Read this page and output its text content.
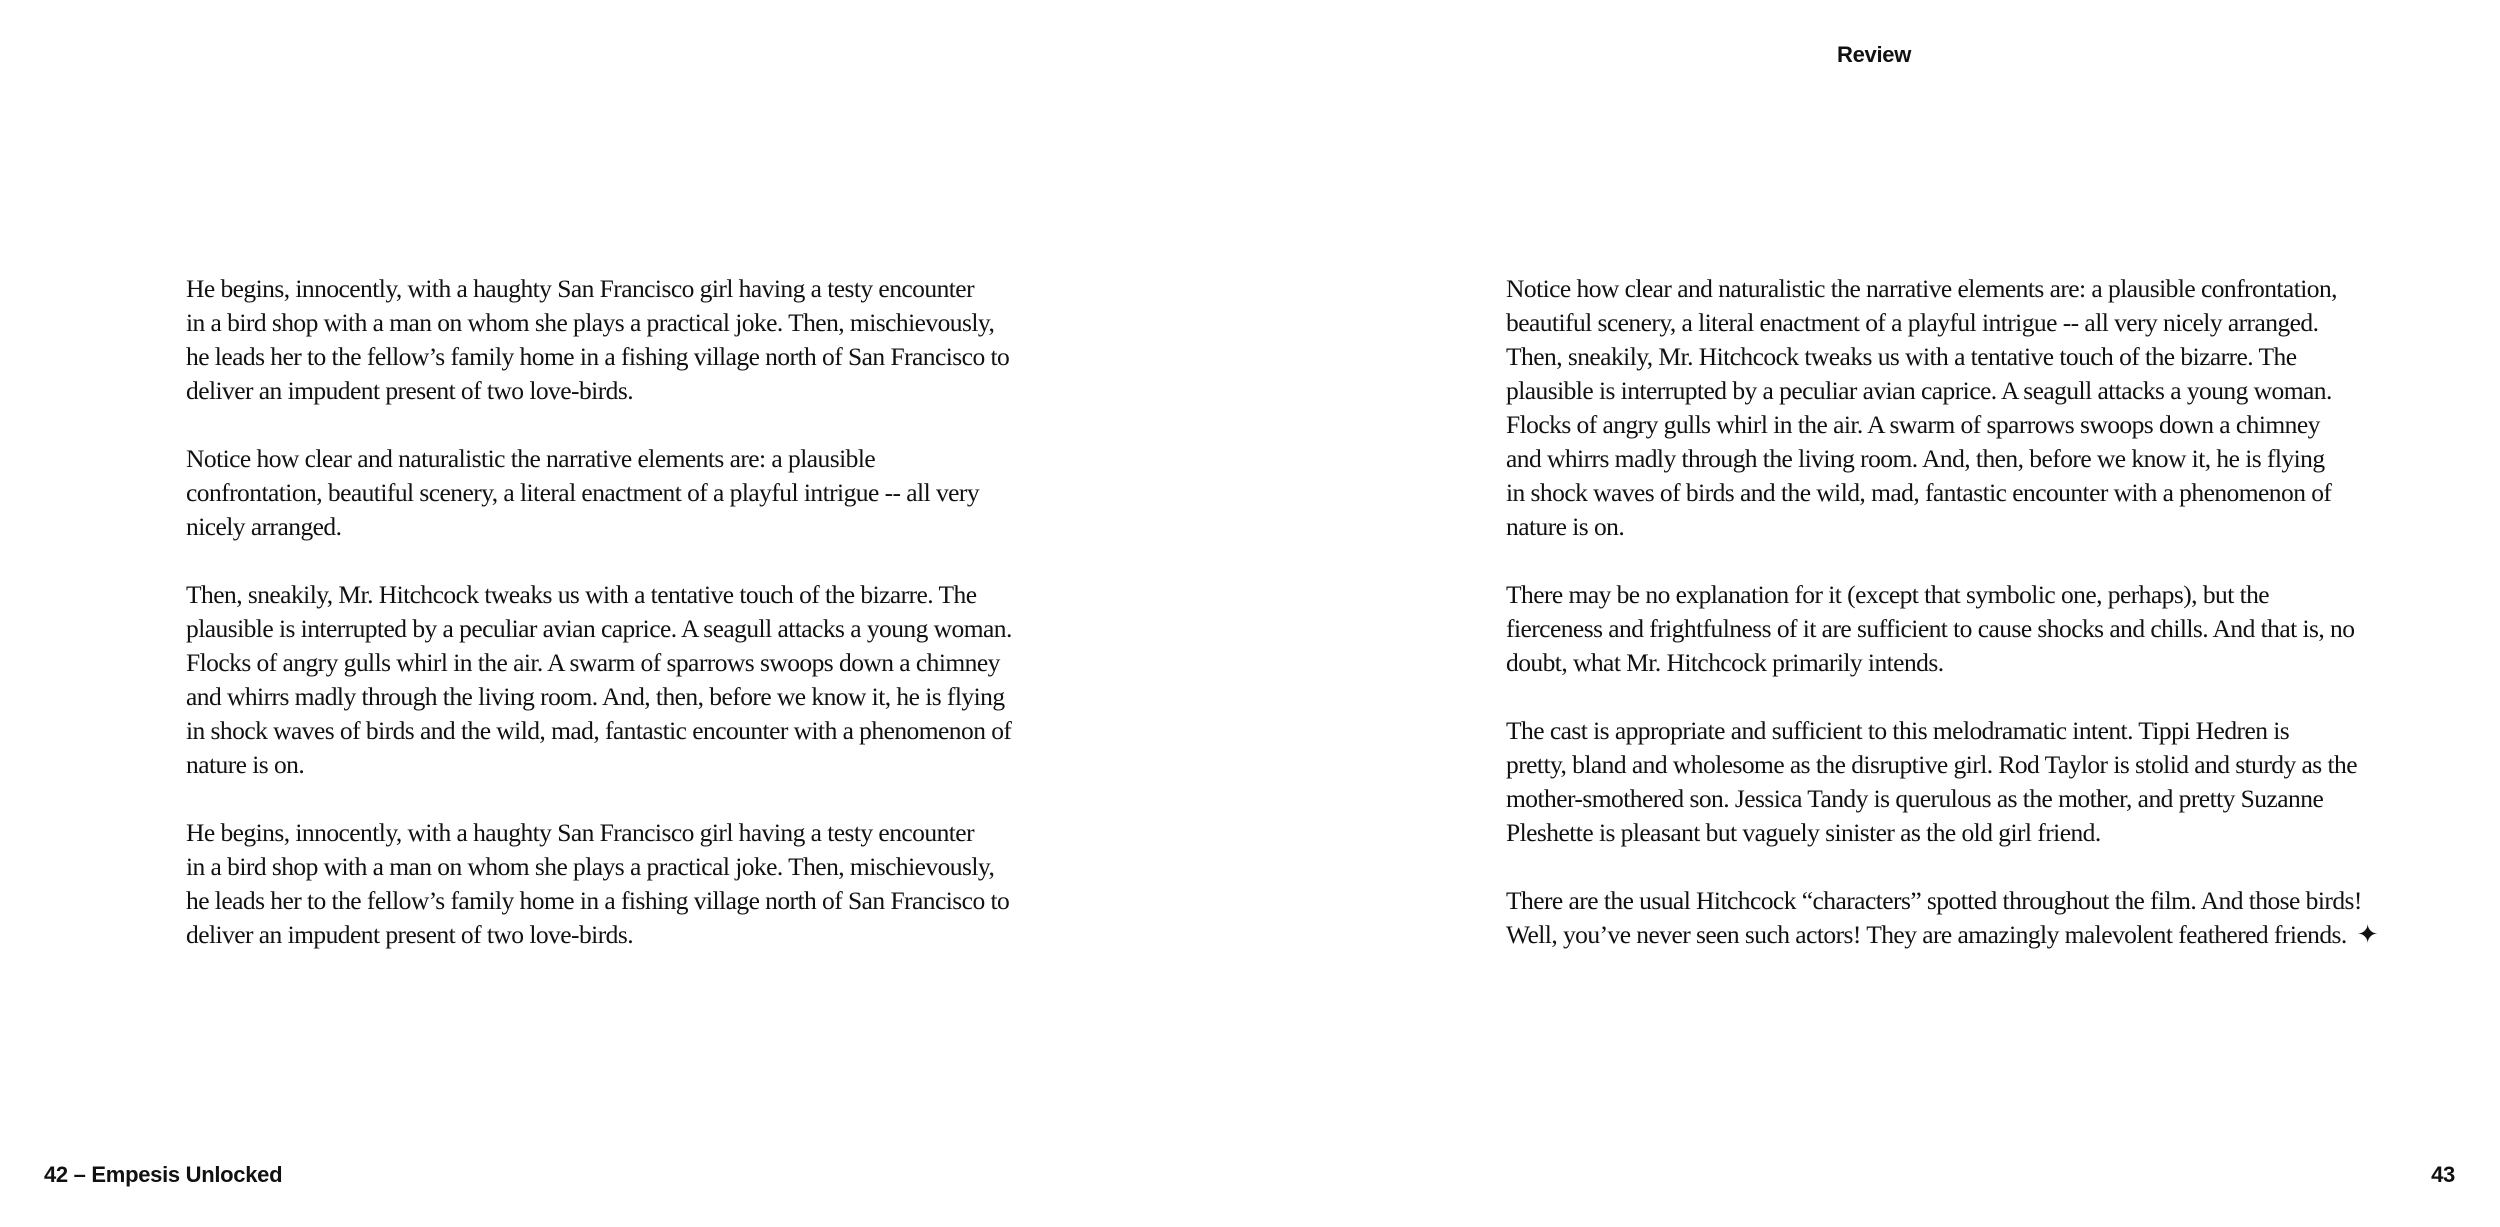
Review

He begins, innocently, with a haughty San Francisco girl having a testy encounter
in a bird shop with a man on whom she plays a practical joke. Then, mischievously,
he leads her to the fellow’s family home in a fishing village north of San Francisco to
deliver an impudent present of two love-birds.

Notice how clear and naturalistic the narrative elements are: a plausible
confrontation, beautiful scenery, a literal enactment of a playful intrigue -- all very
nicely arranged.

Then, sneakily, Mr. Hitchcock tweaks us with a tentative touch of the bizarre. The
plausible is interrupted by a peculiar avian caprice. A seagull attacks a young woman.
Flocks of angry gulls whirl in the air. A swarm of sparrows swoops down a chimney
and whirrs madly through the living room. And, then, before we know it, he is flying
in shock waves of birds and the wild, mad, fantastic encounter with a phenomenon of
nature is on.

He begins, innocently, with a haughty San Francisco girl having a testy encounter
in a bird shop with a man on whom she plays a practical joke. Then, mischievously,
he leads her to the fellow’s family home in a fishing village north of San Francisco to
deliver an impudent present of two love-birds.

Notice how clear and naturalistic the narrative elements are: a plausible confrontation,
beautiful scenery, a literal enactment of a playful intrigue -- all very nicely arranged.
Then, sneakily, Mr. Hitchcock tweaks us with a tentative touch of the bizarre. The
plausible is interrupted by a peculiar avian caprice. A seagull attacks a young woman.
Flocks of angry gulls whirl in the air. A swarm of sparrows swoops down a chimney
and whirrs madly through the living room. And, then, before we know it, he is flying
in shock waves of birds and the wild, mad, fantastic encounter with a phenomenon of
nature is on.

There may be no explanation for it (except that symbolic one, perhaps), but the
fierceness and frightfulness of it are sufficient to cause shocks and chills. And that is, no
doubt, what Mr. Hitchcock primarily intends.

The cast is appropriate and sufficient to this melodramatic intent. Tippi Hedren is
pretty, bland and wholesome as the disruptive girl. Rod Taylor is stolid and sturdy as the
mother-smothered son. Jessica Tandy is querulous as the mother, and pretty Suzanne
Pleshette is pleasant but vaguely sinister as the old girl friend.

There are the usual Hitchcock “characters” spotted throughout the film. And those birds!
Well, you’ve never seen such actors! They are amazingly malevolent feathered friends. ✦

42 – Empesis Unlocked	43
